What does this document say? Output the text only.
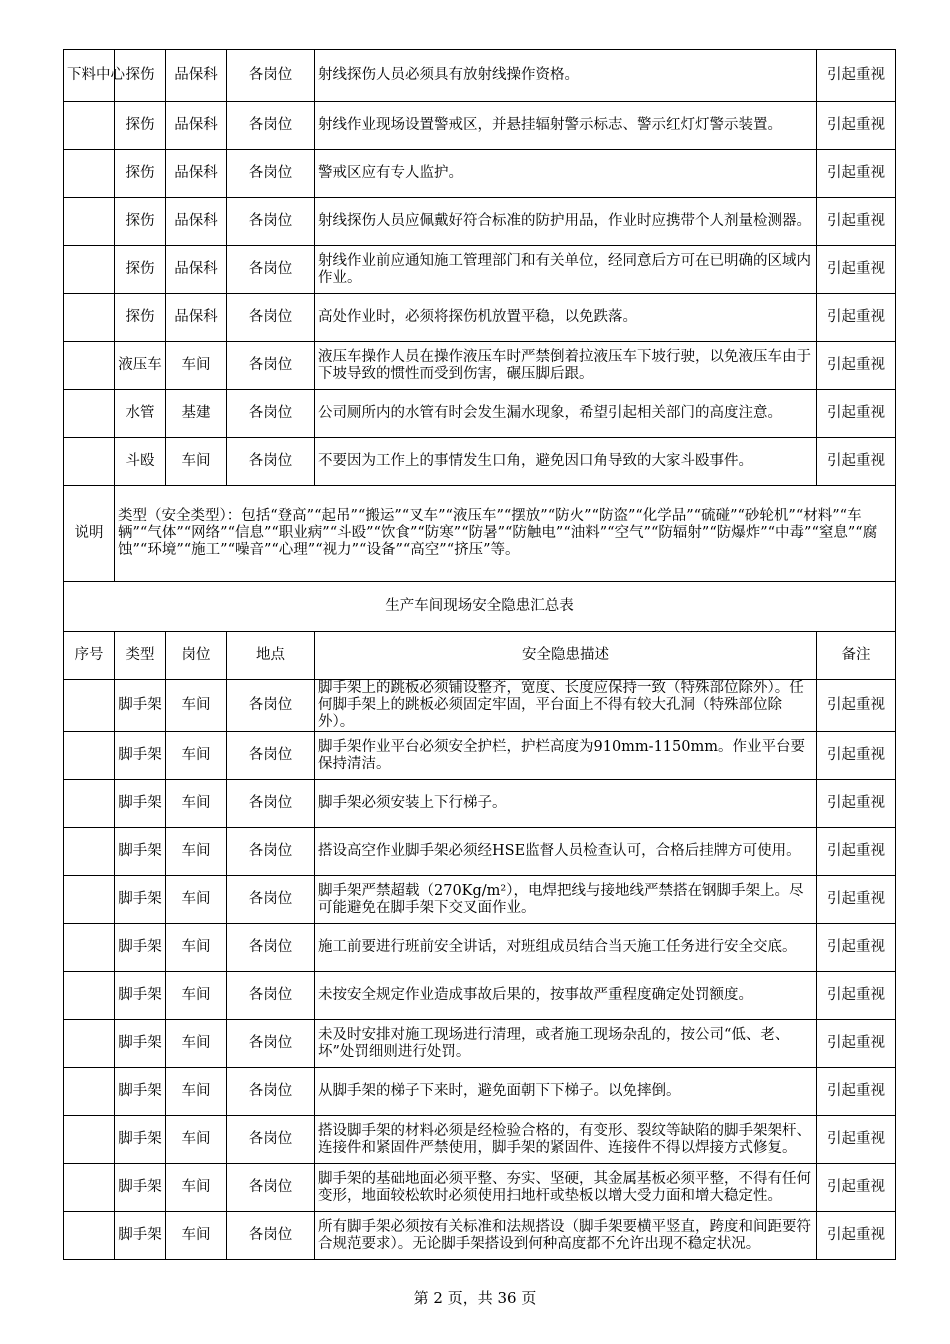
下料中心	探伤	品保科	各岗位	射线探伤人员必须具有放射线操作资格。	引起重视
	探伤	品保科	各岗位	射线作业现场设置警戒区，并悬挂辐射警示标志、警示红灯灯警示装置。	引起重视
	探伤	品保科	各岗位	警戒区应有专人监护。	引起重视
	探伤	品保科	各岗位	射线探伤人员应佩戴好符合标准的防护用品，作业时应携带个人剂量检测器。	引起重视
	探伤	品保科	各岗位	射线作业前应通知施工管理部门和有关单位，经同意后方可在已明确的区域内作业。	引起重视
	探伤	品保科	各岗位	高处作业时，必须将探伤机放置平稳，以免跌落。	引起重视
	液压车	车间	各岗位	液压车操作人员在操作液压车时严禁倒着拉液压车下坡行驶，以免液压车由于下坡导致的惯性而受到伤害，碾压脚后跟。	引起重视
	水管	基建	各岗位	公司厕所内的水管有时会发生漏水现象，希望引起相关部门的高度注意。	引起重视
	斗殴	车间	各岗位	不要因为工作上的事情发生口角，避免因口角导致的大家斗殴事件。	引起重视
说明	类型（安全类型）：包括“登高”“起吊”“搬运”“叉车”“液压车”“摆放”“防火”“防盗”“化学品”“硫碰”“砂轮机”“材料”“车辆”“气体”“网络”“信息”“职业病”“斗殴”“饮食”“防寒”“防暑”“防触电”“油料”“空气”“防辐射”“防爆炸”“中毒”“窒息”“腐蚀”“环境”“施工”“噪音”“心理”“视力”“设备”“高空”“挤压”等。				
生产车间现场安全隐患汇总表					
序号	类型	岗位	地点	安全隐患描述	备注
	脚手架	车间	各岗位	脚手架上的跳板必须铺设整齐，宽度、长度应保持一致（特殊部位除外）。任何脚手架上的跳板必须固定牢固，平台面上不得有较大孔洞（特殊部位除外）。	引起重视
	脚手架	车间	各岗位	脚手架作业平台必须安全护栏，护栏高度为910mm-1150mm。作业平台要保持清洁。	引起重视
	脚手架	车间	各岗位	脚手架必须安装上下行梯子。	引起重视
	脚手架	车间	各岗位	搭设高空作业脚手架必须经HSE监督人员检查认可，合格后挂牌方可使用。	引起重视
	脚手架	车间	各岗位	脚手架严禁超载（270Kg/m²），电焊把线与接地线严禁搭在钢脚手架上。尽可能避免在脚手架下交叉面作业。	引起重视
	脚手架	车间	各岗位	施工前要进行班前安全讲话，对班组成员结合当天施工任务进行安全交底。	引起重视
	脚手架	车间	各岗位	未按安全规定作业造成事故后果的，按事故严重程度确定处罚额度。	引起重视
	脚手架	车间	各岗位	未及时安排对施工现场进行清理，或者施工现场杂乱的，按公司“低、老、坏”处罚细则进行处罚。	引起重视
	脚手架	车间	各岗位	从脚手架的梯子下来时，避免面朝下下梯子。以免摔倒。	引起重视
	脚手架	车间	各岗位	搭设脚手架的材料必须是经检验合格的，有变形、裂纹等缺陷的脚手架架杆、连接件和紧固件严禁使用，脚手架的紧固件、连接件不得以焊接方式修复。	引起重视
	脚手架	车间	各岗位	脚手架的基础地面必须平整、夯实、坚硬，其金属基板必须平整，不得有任何变形，地面较松软时必须使用扫地杆或垫板以增大受力面和增大稳定性。	引起重视
	脚手架	车间	各岗位	所有脚手架必须按有关标准和法规搭设（脚手架要横平竖直，跨度和间距要符合规范要求）。无论脚手架搭设到何种高度都不允许出现不稳定状况。	引起重视
第 2 页，共 36 页
